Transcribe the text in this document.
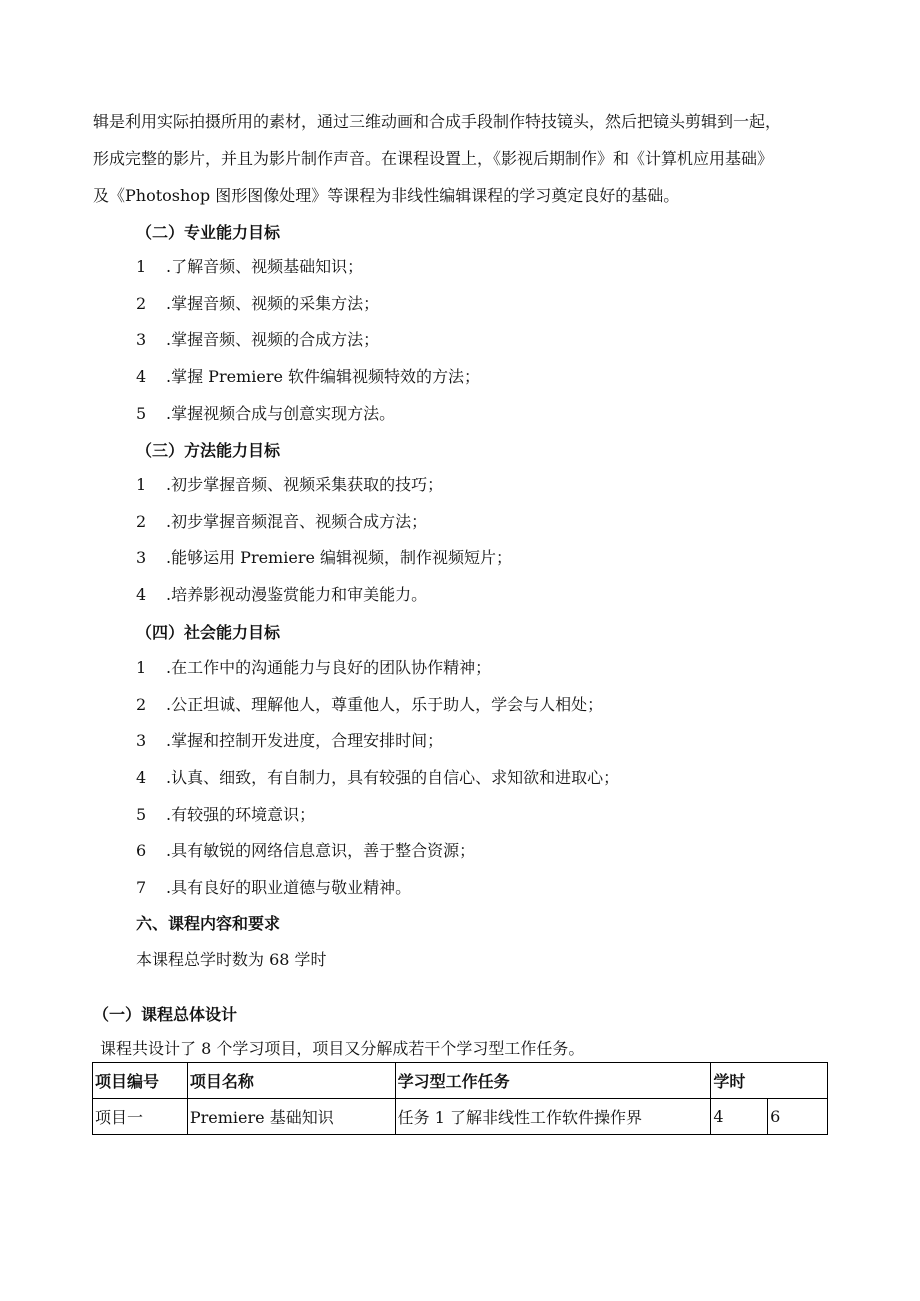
辑是利用实际拍摄所用的素材，通过三维动画和合成手段制作特技镜头，然后把镜头剪辑到一起，

形成完整的影片，并且为影片制作声音。在课程设置上，《影视后期制作》和《计算机应用基础》

及《Photoshop 图形图像处理》等课程为非线性编辑课程的学习奠定良好的基础。

（二）专业能力目标
1 .了解音频、视频基础知识；
2 .掌握音频、视频的采集方法；
3 .掌握音频、视频的合成方法；
4 .掌握 Premiere 软件编辑视频特效的方法；
5 .掌握视频合成与创意实现方法。
（三）方法能力目标
1 .初步掌握音频、视频采集获取的技巧；
2 .初步掌握音频混音、视频合成方法；
3 .能够运用 Premiere 编辑视频，制作视频短片；
4 .培养影视动漫鉴赏能力和审美能力。
（四）社会能力目标
1 .在工作中的沟通能力与良好的团队协作精神；
2 .公正坦诚、理解他人，尊重他人，乐于助人，学会与人相处；
3 .掌握和控制开发进度，合理安排时间；
4 .认真、细致，有自制力，具有较强的自信心、求知欲和进取心；
5 .有较强的环境意识；
6 .具有敏锐的网络信息意识，善于整合资源；
7 .具有良好的职业道德与敬业精神。
六、课程内容和要求

本课程总学时数为 68 学时

（一）课程总体设计

课程共设计了 8 个学习项目，项目又分解成若干个学习型工作任务。

项目编号	项目名称	学习型工作任务	学时	
项目一	Premiere 基础知识	任务 1 了解非线性工作软件操作界	4	6
